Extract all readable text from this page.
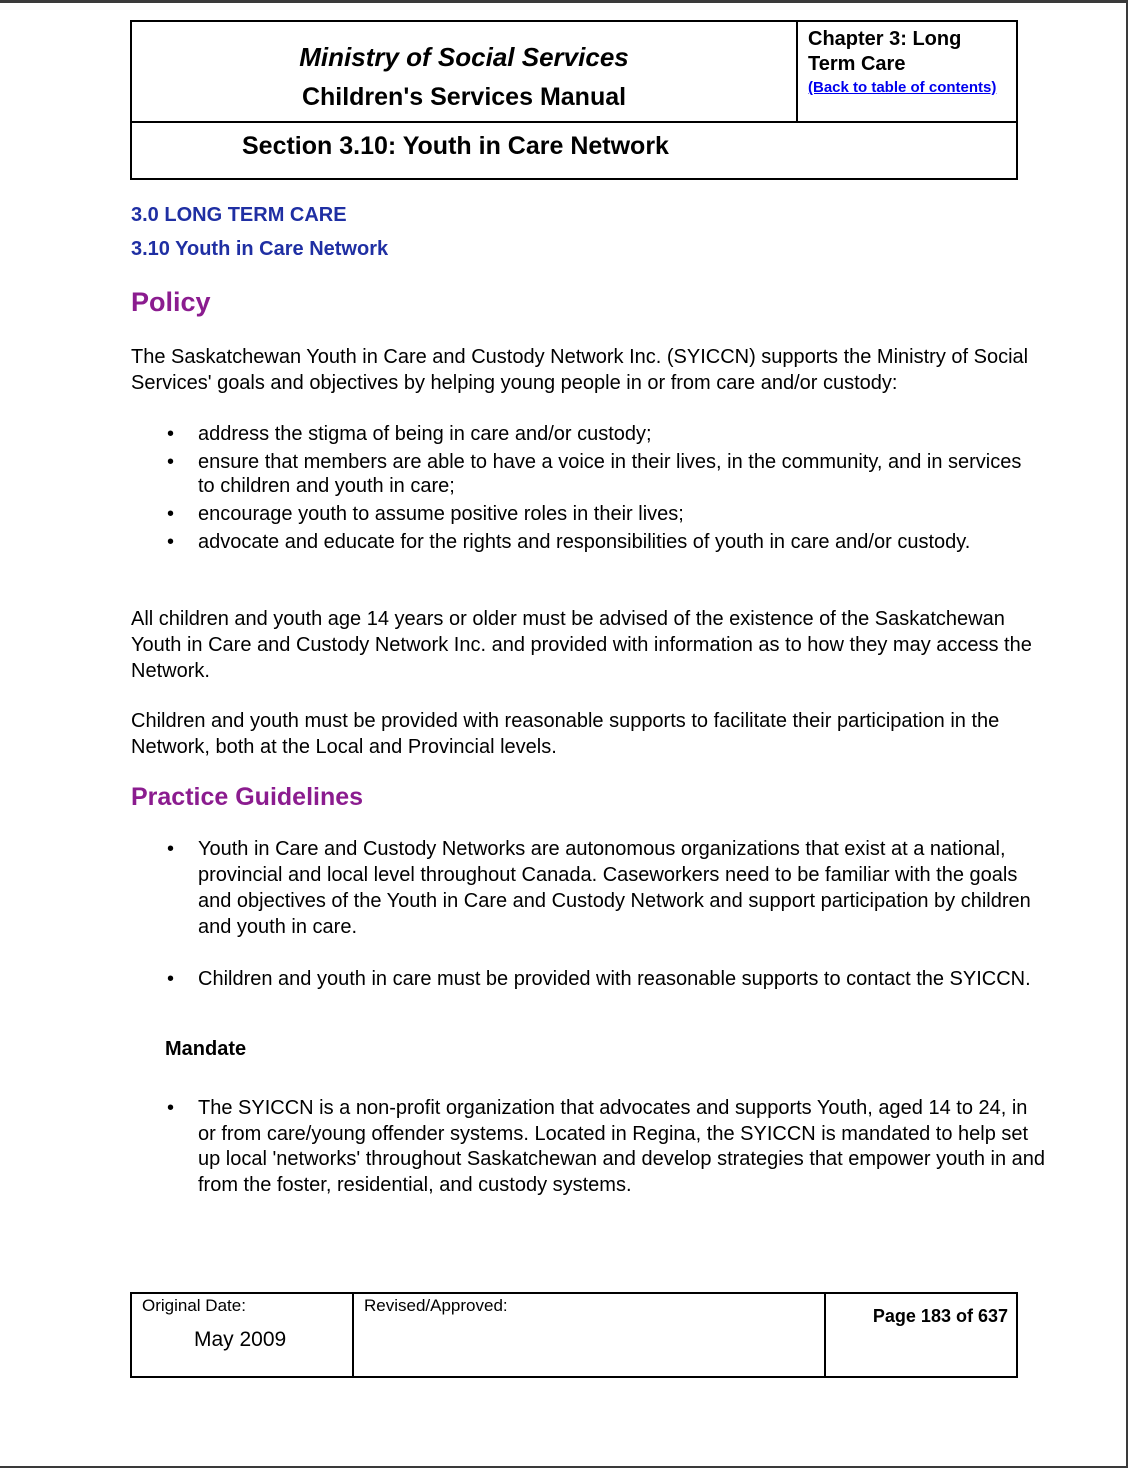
Ministry of Social Services
Children's Services Manual
Chapter 3: Long Term Care
(Back to table of contents)
Section 3.10: Youth in Care Network
3.0 LONG TERM CARE
3.10 Youth in Care Network
Policy
The Saskatchewan Youth in Care and Custody Network Inc. (SYICCN) supports the Ministry of Social Services' goals and objectives by helping young people in or from care and/or custody:
• address the stigma of being in care and/or custody;
• ensure that members are able to have a voice in their lives, in the community, and in services to children and youth in care;
• encourage youth to assume positive roles in their lives;
• advocate and educate for the rights and responsibilities of youth in care and/or custody.
All children and youth age 14 years or older must be advised of the existence of the Saskatchewan Youth in Care and Custody Network Inc. and provided with information as to how they may access the Network.
Children and youth must be provided with reasonable supports to facilitate their participation in the Network, both at the Local and Provincial levels.
Practice Guidelines
• Youth in Care and Custody Networks are autonomous organizations that exist at a national, provincial and local level throughout Canada. Caseworkers need to be familiar with the goals and objectives of the Youth in Care and Custody Network and support participation by children and youth in care.
• Children and youth in care must be provided with reasonable supports to contact the SYICCN.
Mandate
• The SYICCN is a non-profit organization that advocates and supports Youth, aged 14 to 24, in or from care/young offender systems. Located in Regina, the SYICCN is mandated to help set up local 'networks' throughout Saskatchewan and develop strategies that empower youth in and from the foster, residential, and custody systems.
Original Date:
May 2009
Revised/Approved:
Page 183 of 637
